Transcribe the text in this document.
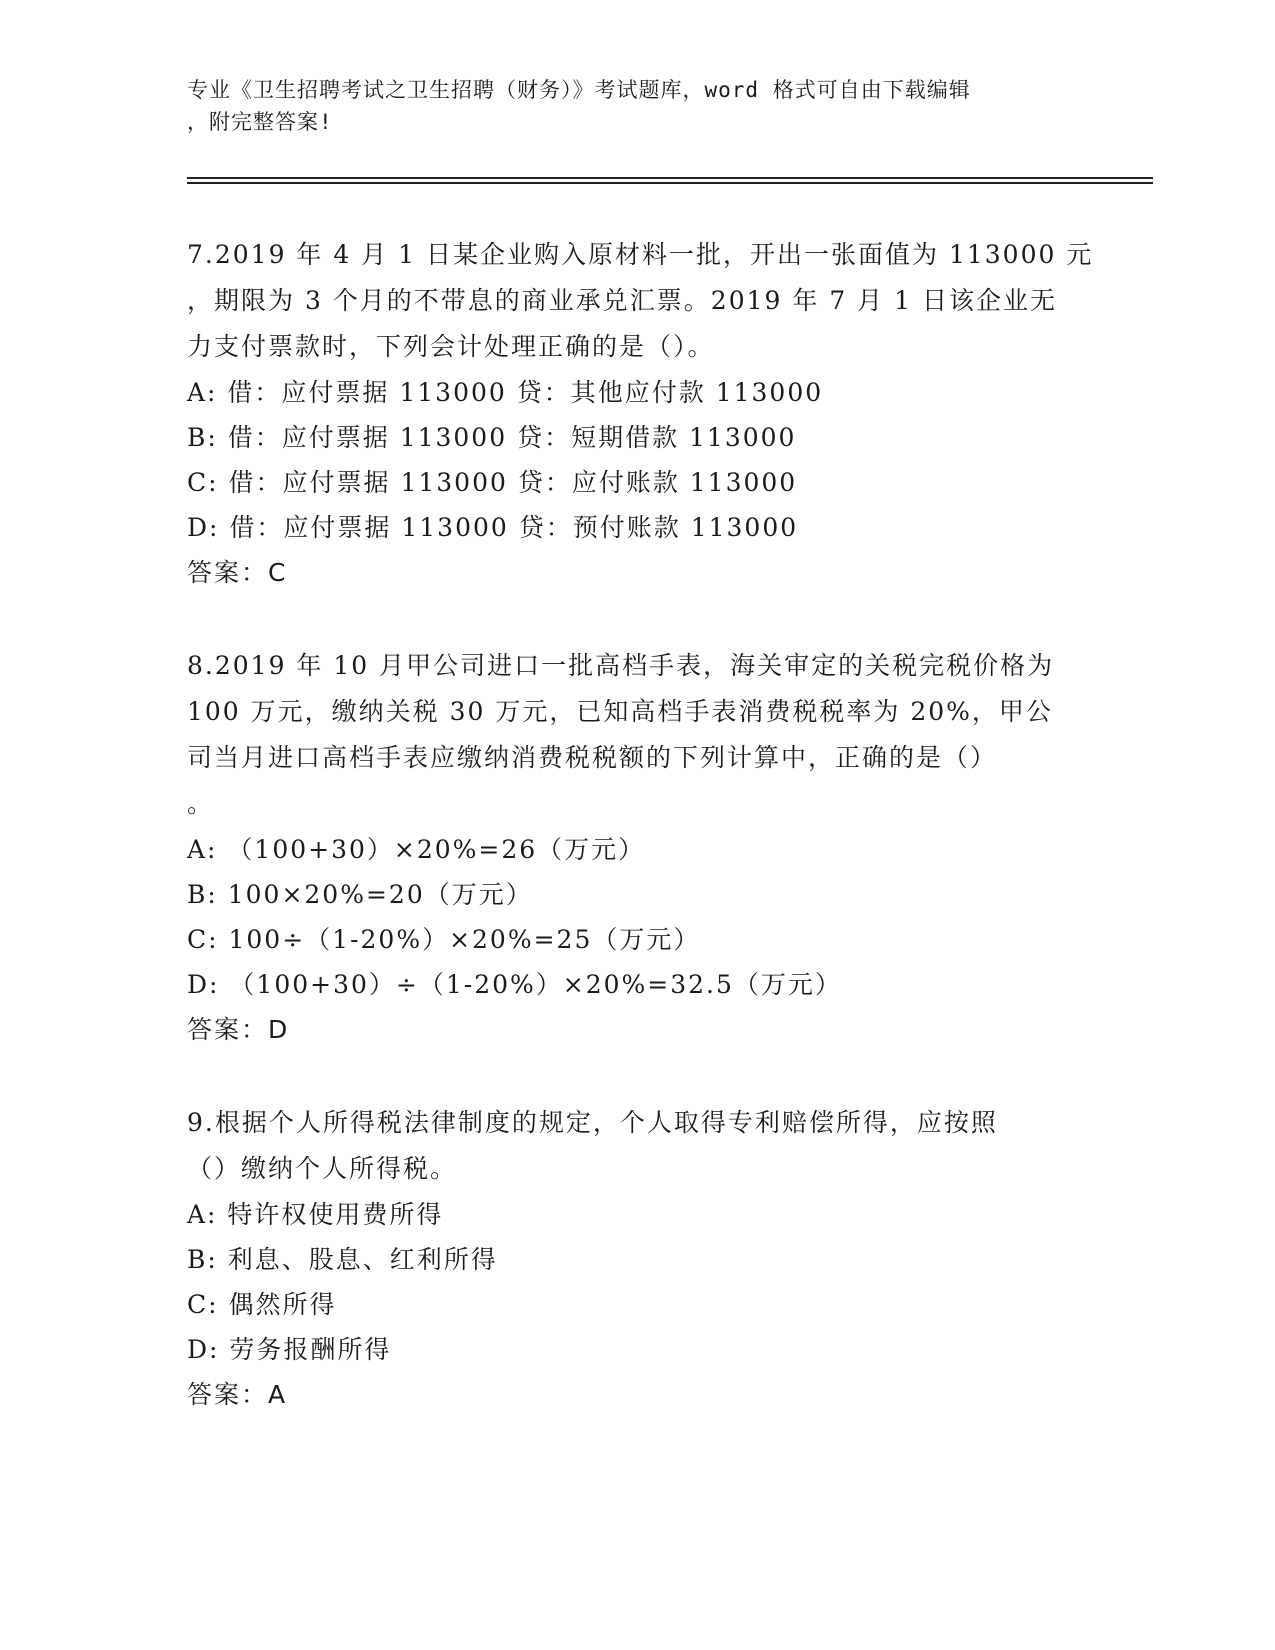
专业《卫生招聘考试之卫生招聘（财务）》考试题库，word 格式可自由下载编辑
，附完整答案!
7.2019 年 4 月 1 日某企业购入原材料一批，开出一张面值为 113000 元
，期限为 3 个月的不带息的商业承兑汇票。2019 年 7 月 1 日该企业无
力支付票款时，下列会计处理正确的是（）。
A: 借：应付票据 113000 贷：其他应付款 113000
B: 借：应付票据 113000 贷：短期借款 113000
C: 借：应付票据 113000 贷：应付账款 113000
D: 借：应付票据 113000 贷：预付账款 113000
答案：C
8.2019 年 10 月甲公司进口一批高档手表，海关审定的关税完税价格为
100 万元，缴纳关税 30 万元，已知高档手表消费税税率为 20%，甲公
司当月进口高档手表应缴纳消费税税额的下列计算中，正确的是（）
。
A: （100+30）×20%=26（万元）
B: 100×20%=20（万元）
C: 100÷（1-20%）×20%=25（万元）
D: （100+30）÷（1-20%）×20%=32.5（万元）
答案：D
9.根据个人所得税法律制度的规定，个人取得专利赔偿所得，应按照
（）缴纳个人所得税。
A: 特许权使用费所得
B: 利息、股息、红利所得
C: 偶然所得
D: 劳务报酬所得
答案：A
